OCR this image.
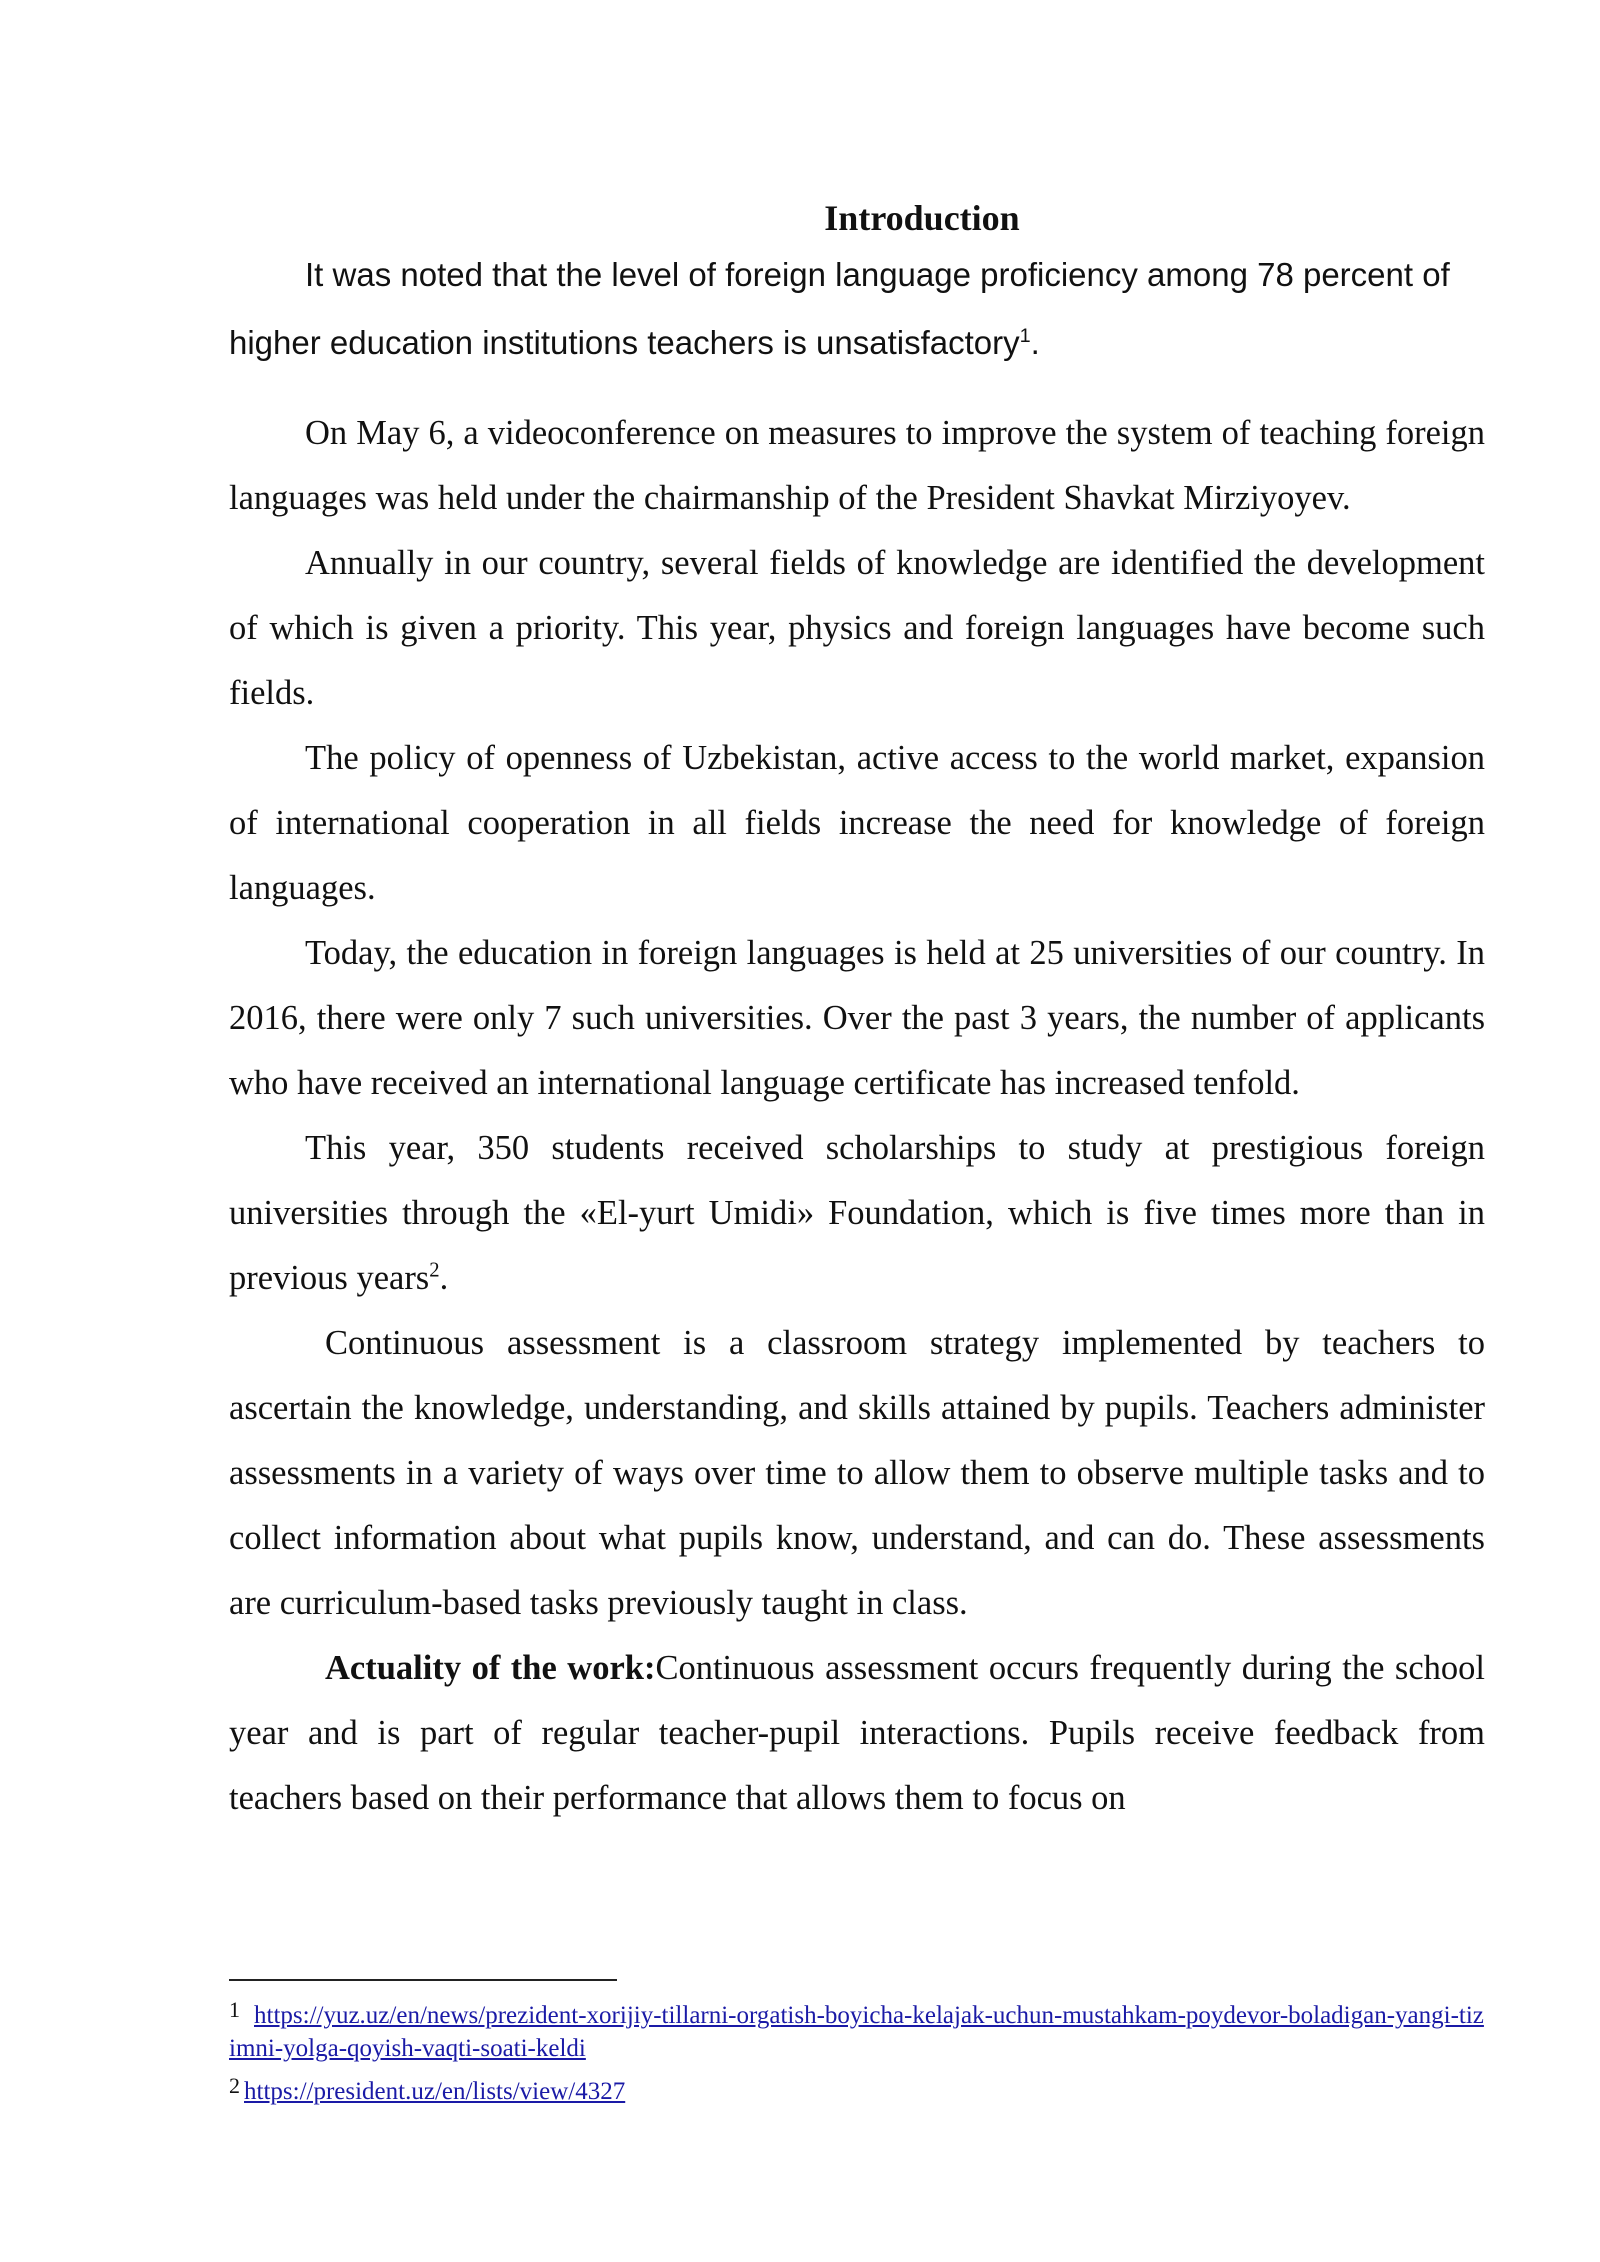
Introduction

It was noted that the level of foreign language proficiency among 78 percent of higher education institutions teachers is unsatisfactory$^1$.

On May 6, a videoconference on measures to improve the system of teaching foreign languages was held under the chairmanship of the President Shavkat Mirziyoyev.

Annually in our country, several fields of knowledge are identified the development of which is given a priority. This year, physics and foreign languages have become such fields.

The policy of openness of Uzbekistan, active access to the world market, expansion of international cooperation in all fields increase the need for knowledge of foreign languages.

Today, the education in foreign languages is held at 25 universities of our country. In 2016, there were only 7 such universities. Over the past 3 years, the number of applicants who have received an international language certificate has increased tenfold.

This year, 350 students received scholarships to study at prestigious foreign universities through the «El-yurt Umidi» Foundation, which is five times more than in previous years$^2$.

Continuous assessment is a classroom strategy implemented by teachers to ascertain the knowledge, understanding, and skills attained by pupils. Teachers administer assessments in a variety of ways over time to allow them to observe multiple tasks and to collect information about what pupils know, understand, and can do. These assessments are curriculum-based tasks previously taught in class.

Actuality of the work:Continuous assessment occurs frequently during the school year and is part of regular teacher-pupil interactions. Pupils receive feedback from teachers based on their performance that allows them to focus on

1 https://yuz.uz/en/news/prezident-xorijiy-tillarni-orgatish-boyicha-kelajak-uchun-mustahkam-poydevor-boladigan-yangi-tizimni-yolga-qoyish-vaqti-soati-keldi

2 https://president.uz/en/lists/view/4327
